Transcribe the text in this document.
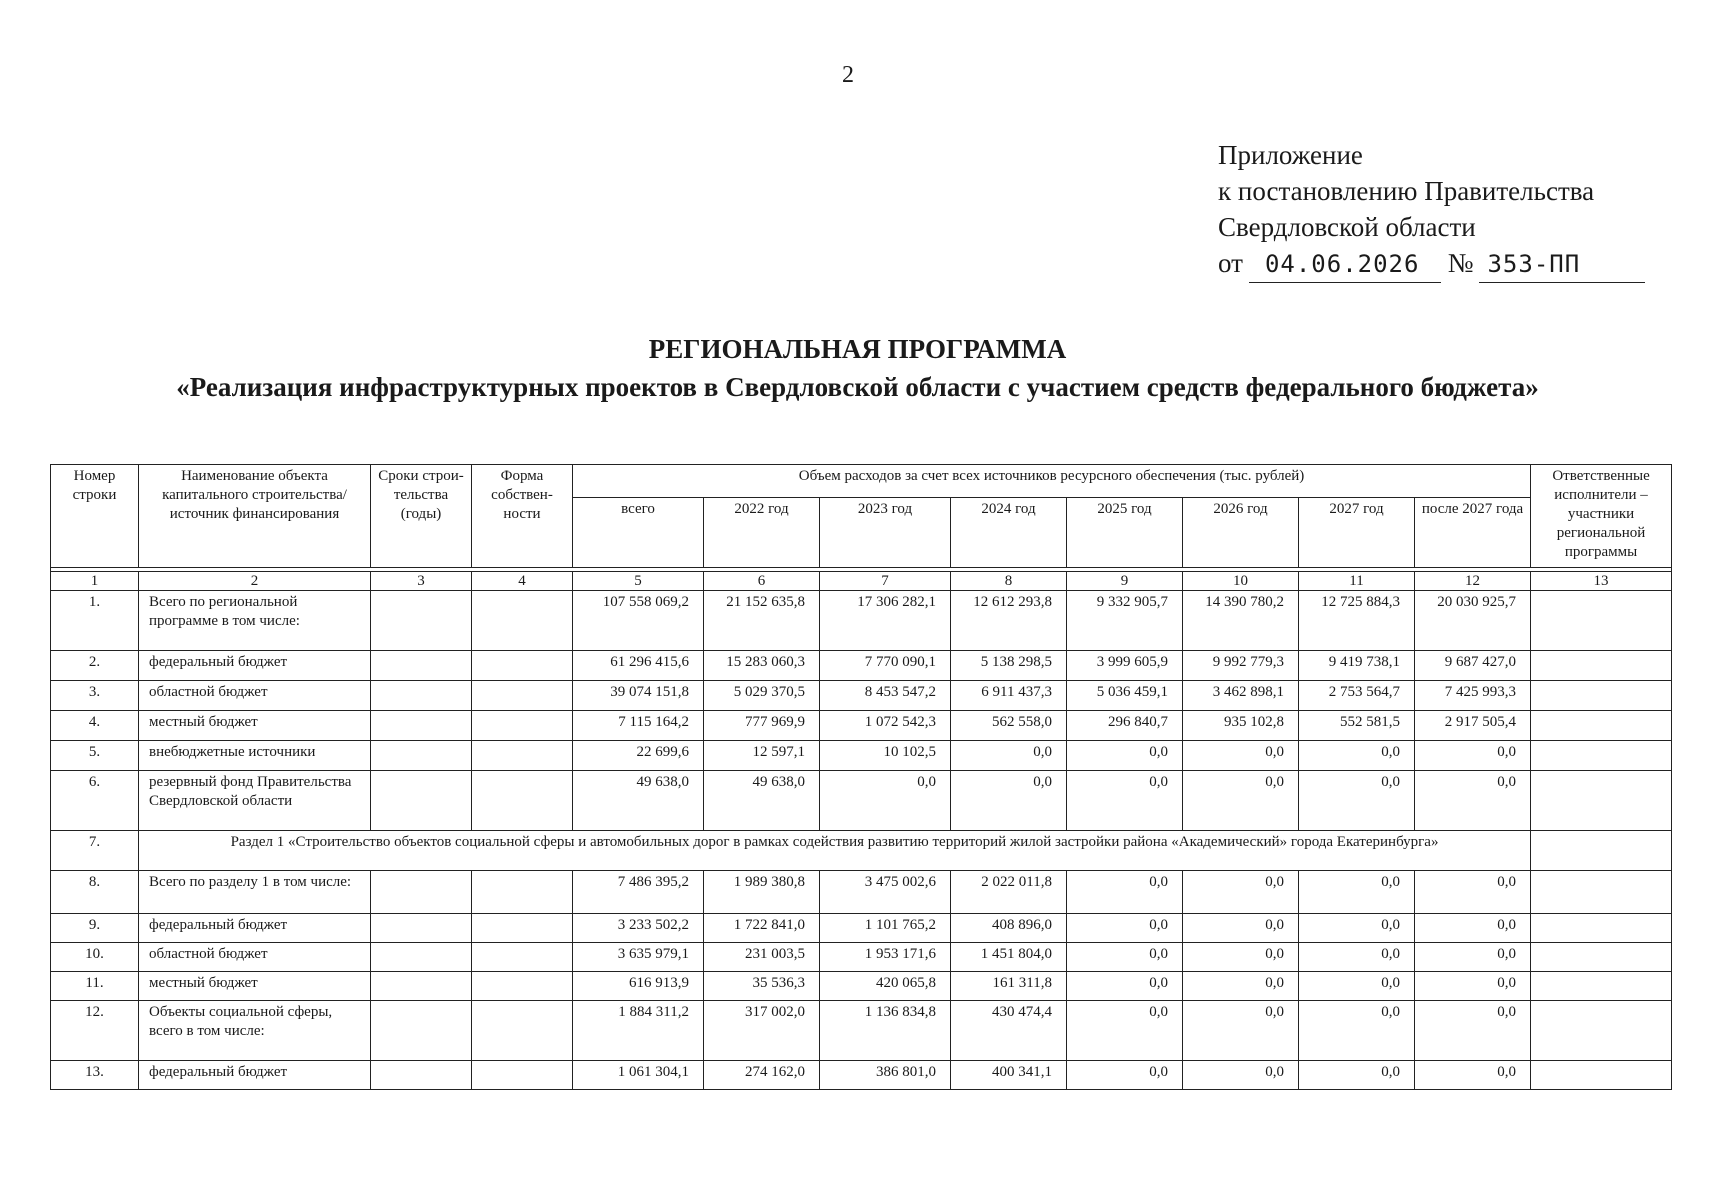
2
Приложение
к постановлению Правительства
Свердловской области
от 04.06.2026 № 353-ПП
РЕГИОНАЛЬНАЯ ПРОГРАММА
«Реализация инфраструктурных проектов в Свердловской области с участием средств федерального бюджета»
Номер строки	Наименование объекта капитального строительства/источник финансирования	Сроки строи-тельства (годы)	Форма собствен-ности	Объем расходов за счет всех источников ресурсного обеспечения (тыс. рублей)								Ответственные исполнители – участники региональной программы
				всего	2022 год	2023 год	2024 год	2025 год	2026 год	2027 год	после 2027 года	

1	2	3	4	5	6	7	8	9	10	11	12	13
1.	Всего по региональной программе в том числе:			107 558 069,2	21 152 635,8	17 306 282,1	12 612 293,8	9 332 905,7	14 390 780,2	12 725 884,3	20 030 925,7	
2.	федеральный бюджет			61 296 415,6	15 283 060,3	7 770 090,1	5 138 298,5	3 999 605,9	9 992 779,3	9 419 738,1	9 687 427,0	
3.	областной бюджет			39 074 151,8	5 029 370,5	8 453 547,2	6 911 437,3	5 036 459,1	3 462 898,1	2 753 564,7	7 425 993,3	
4.	местный бюджет			7 115 164,2	777 969,9	1 072 542,3	562 558,0	296 840,7	935 102,8	552 581,5	2 917 505,4	
5.	внебюджетные источники			22 699,6	12 597,1	10 102,5	0,0	0,0	0,0	0,0	0,0	
6.	резервный фонд Правительства Свердловской области			49 638,0	49 638,0	0,0	0,0	0,0	0,0	0,0	0,0	
7.	Раздел 1 «Строительство объектов социальной сферы и автомобильных дорог в рамках содействия развитию территорий жилой застройки района «Академический» города Екатеринбурга»											
8.	Всего по разделу 1 в том числе:			7 486 395,2	1 989 380,8	3 475 002,6	2 022 011,8	0,0	0,0	0,0	0,0	
9.	федеральный бюджет			3 233 502,2	1 722 841,0	1 101 765,2	408 896,0	0,0	0,0	0,0	0,0	
10.	областной бюджет			3 635 979,1	231 003,5	1 953 171,6	1 451 804,0	0,0	0,0	0,0	0,0	
11.	местный бюджет			616 913,9	35 536,3	420 065,8	161 311,8	0,0	0,0	0,0	0,0	
12.	Объекты социальной сферы, всего в том числе:			1 884 311,2	317 002,0	1 136 834,8	430 474,4	0,0	0,0	0,0	0,0	
13.	федеральный бюджет			1 061 304,1	274 162,0	386 801,0	400 341,1	0,0	0,0	0,0	0,0	
